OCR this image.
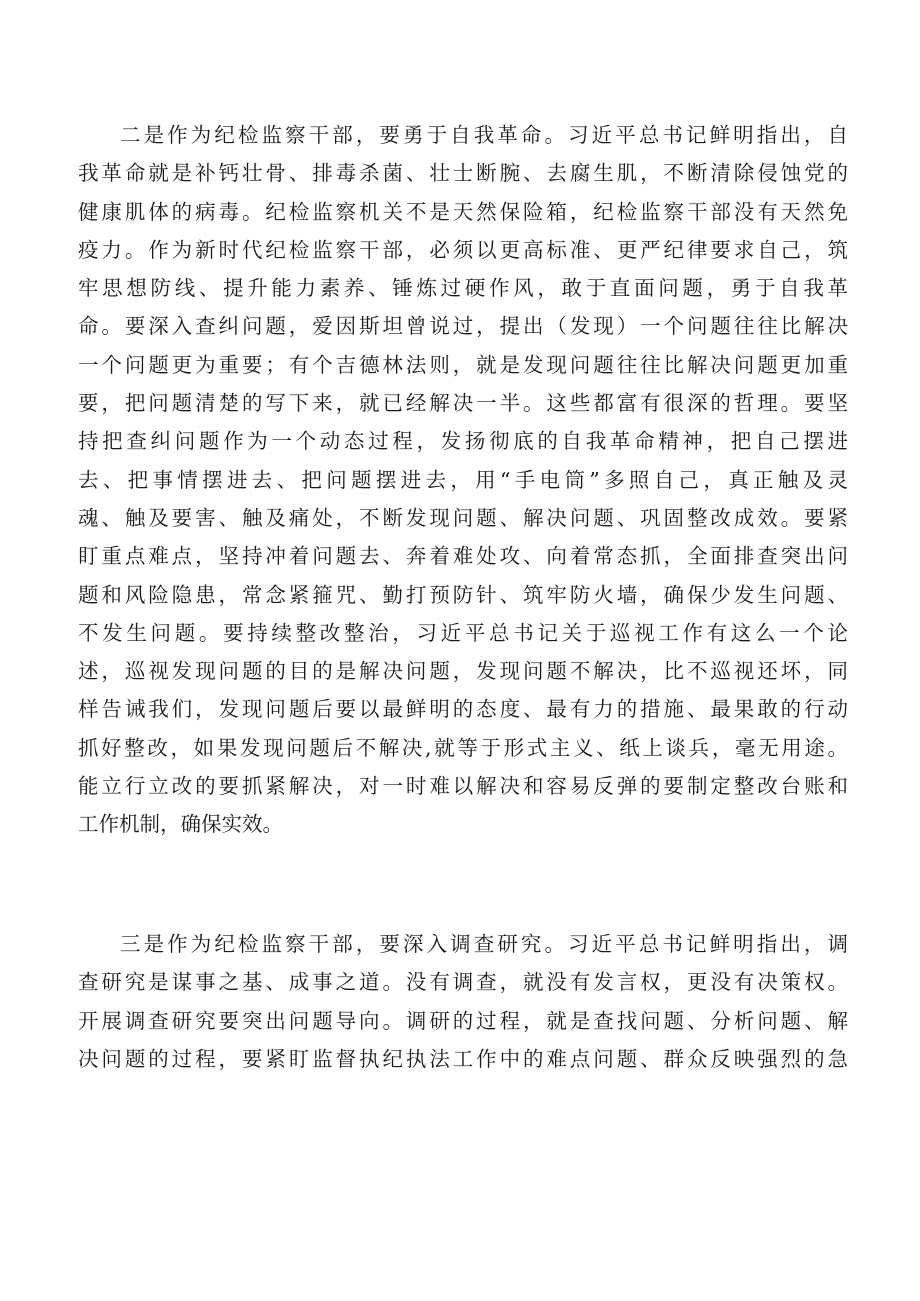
二是作为纪检监察干部，要勇于自我革命。习近平总书记鲜明指出，自
我革命就是补钙壮骨、排毒杀菌、壮士断腕、去腐生肌，不断清除侵蚀党的
健康肌体的病毒。纪检监察机关不是天然保险箱，纪检监察干部没有天然免
疫力。作为新时代纪检监察干部，必须以更高标准、更严纪律要求自己，筑
牢思想防线、提升能力素养、锤炼过硬作风，敢于直面问题，勇于自我革
命。要深入查纠问题，爱因斯坦曾说过，提出（发现）一个问题往往比解决
一个问题更为重要；有个吉德林法则，就是发现问题往往比解决问题更加重
要，把问题清楚的写下来，就已经解决一半。这些都富有很深的哲理。要坚
持把查纠问题作为一个动态过程，发扬彻底的自我革命精神，把自己摆进
去、把事情摆进去、把问题摆进去，用“手电筒”多照自己，真正触及灵
魂、触及要害、触及痛处，不断发现问题、解决问题、巩固整改成效。要紧
盯重点难点，坚持冲着问题去、奔着难处攻、向着常态抓，全面排查突出问
题和风险隐患，常念紧箍咒、勤打预防针、筑牢防火墙，确保少发生问题、
不发生问题。要持续整改整治，习近平总书记关于巡视工作有这么一个论
述，巡视发现问题的目的是解决问题，发现问题不解决，比不巡视还坏，同
样告诫我们，发现问题后要以最鲜明的态度、最有力的措施、最果敢的行动
抓好整改，如果发现问题后不解决,就等于形式主义、纸上谈兵，毫无用途。
能立行立改的要抓紧解决，对一时难以解决和容易反弹的要制定整改台账和
工作机制，确保实效。
三是作为纪检监察干部，要深入调查研究。习近平总书记鲜明指出，调
查研究是谋事之基、成事之道。没有调查，就没有发言权，更没有决策权。
开展调查研究要突出问题导向。调研的过程，就是查找问题、分析问题、解
决问题的过程，要紧盯监督执纪执法工作中的难点问题、群众反映强烈的急
